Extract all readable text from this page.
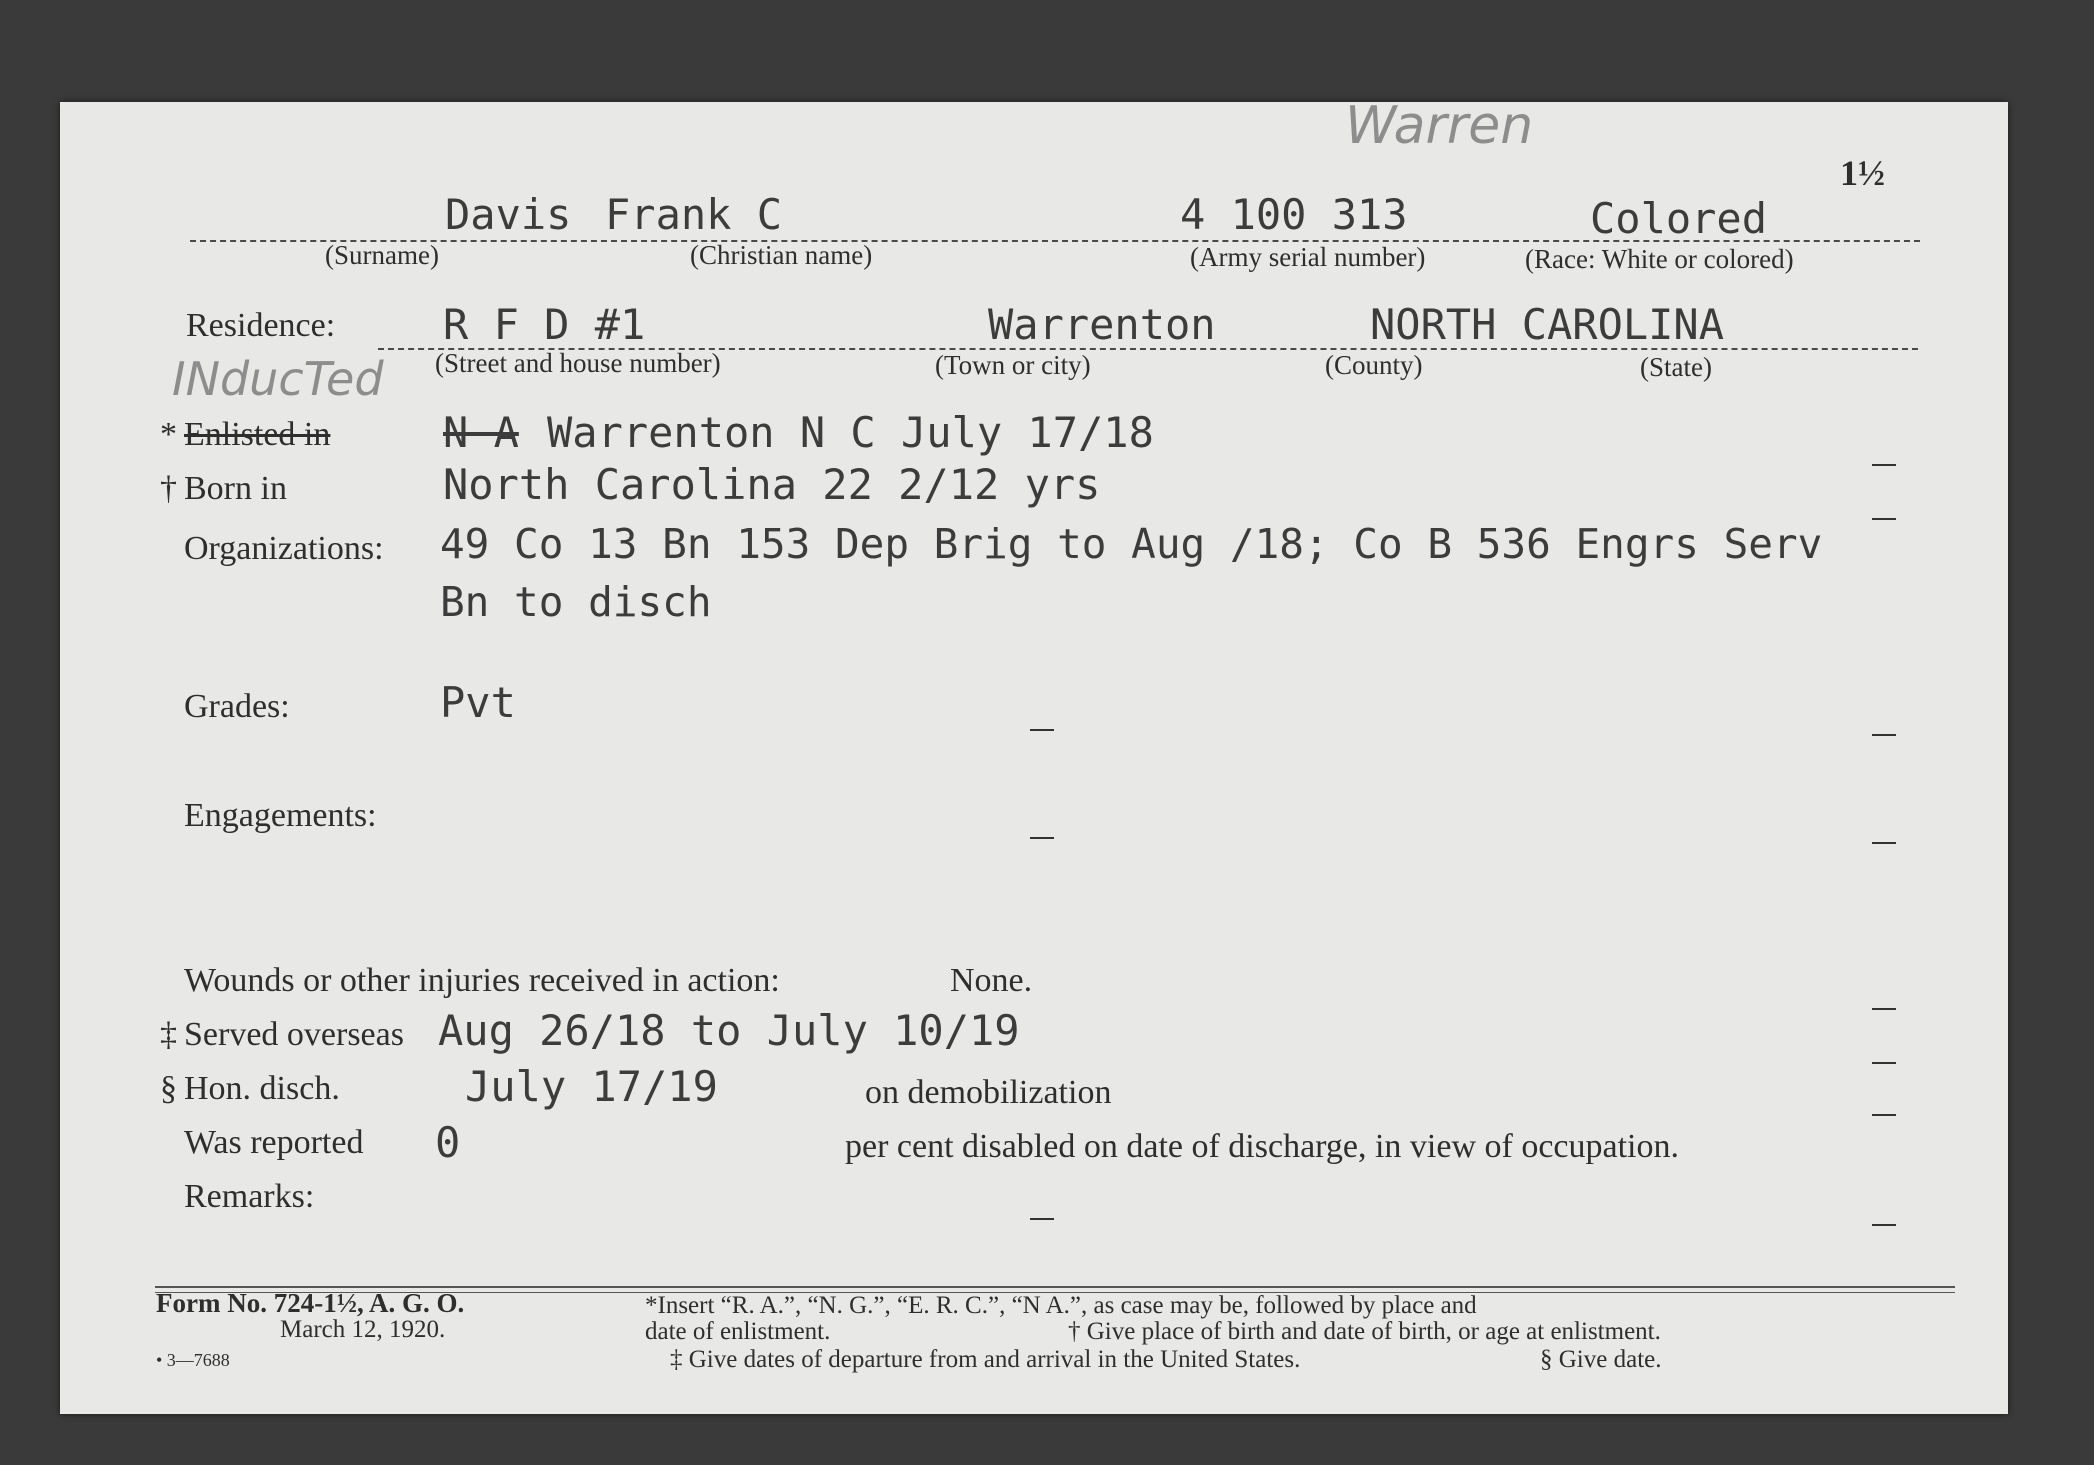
Warren
1½
Davis Frank C	4 100 313	Colored
(Surname)	(Christian name)	(Army serial number)	(Race: White or colored)
Residence:	R F D #1	Warrenton	NORTH CAROLINA
(Street and house number)	(Town or city)	(County)	(State)
INducTed
* Enlisted in	N A Warrenton N C July 17/18
† Born in	North Carolina 22 2/12 yrs
Organizations: 49 Co 13 Bn 153 Dep Brig to Aug /18; Co B 536 Engrs Serv
Bn to disch
Grades:	Pvt
Engagements:
Wounds or other injuries received in action:	None.
‡ Served overseas Aug 26/18 to July 10/19
§ Hon. disch.	July 17/19	on demobilization
Was reported 0	per cent disabled on date of discharge, in view of occupation.
Remarks:
Form No. 724-1½, A. G. O.
March 12, 1920.
• 3—7688
*Insert “R. A.”, “N. G.”, “E. R. C.”, “N A.”, as case may be, followed by place and
date of enlistment.	† Give place of birth and date of birth, or age at enlistment.
‡ Give dates of departure from and arrival in the United States.	§ Give date.
